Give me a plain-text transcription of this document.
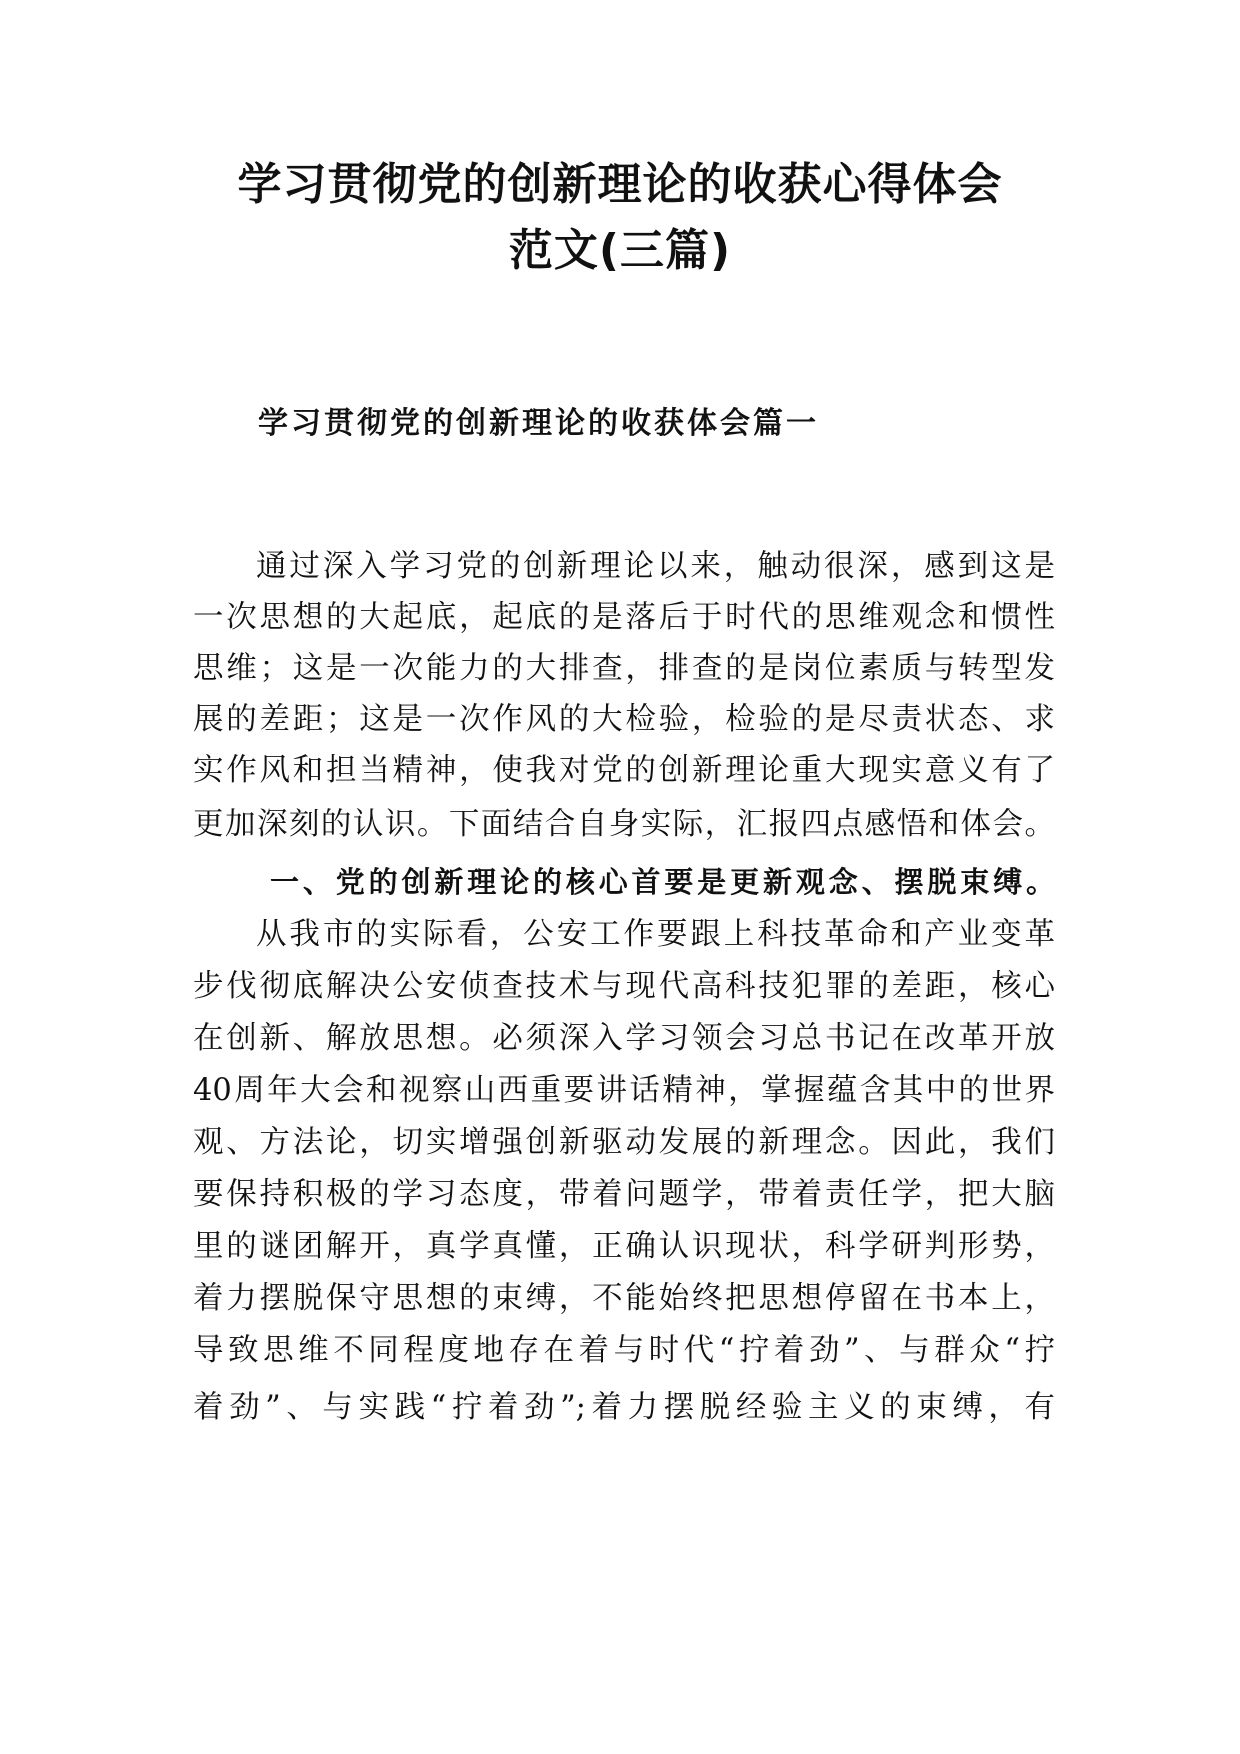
学习贯彻党的创新理论的收获心得体会
范文(三篇)
学习贯彻党的创新理论的收获体会篇一
通过深入学习党的创新理论以来，触动很深，感到这是
一次思想的大起底，起底的是落后于时代的思维观念和惯性
思维；这是一次能力的大排查，排查的是岗位素质与转型发
展的差距；这是一次作风的大检验，检验的是尽责状态、求
实作风和担当精神，使我对党的创新理论重大现实意义有了
更加深刻的认识。下面结合自身实际，汇报四点感悟和体会。
一、党的创新理论的核心首要是更新观念、摆脱束缚。
从我市的实际看，公安工作要跟上科技革命和产业变革
步伐彻底解决公安侦查技术与现代高科技犯罪的差距，核心
在创新、解放思想。必须深入学习领会习总书记在改革开放
40周年大会和视察山西重要讲话精神，掌握蕴含其中的世界
观、方法论，切实增强创新驱动发展的新理念。因此，我们
要保持积极的学习态度，带着问题学，带着责任学，把大脑
里的谜团解开，真学真懂，正确认识现状，科学研判形势，
着力摆脱保守思想的束缚，不能始终把思想停留在书本上，
导致思维不同程度地存在着与时代“拧着劲”、与群众“拧
着劲”、与实践“拧着劲”;着力摆脱经验主义的束缚，有
